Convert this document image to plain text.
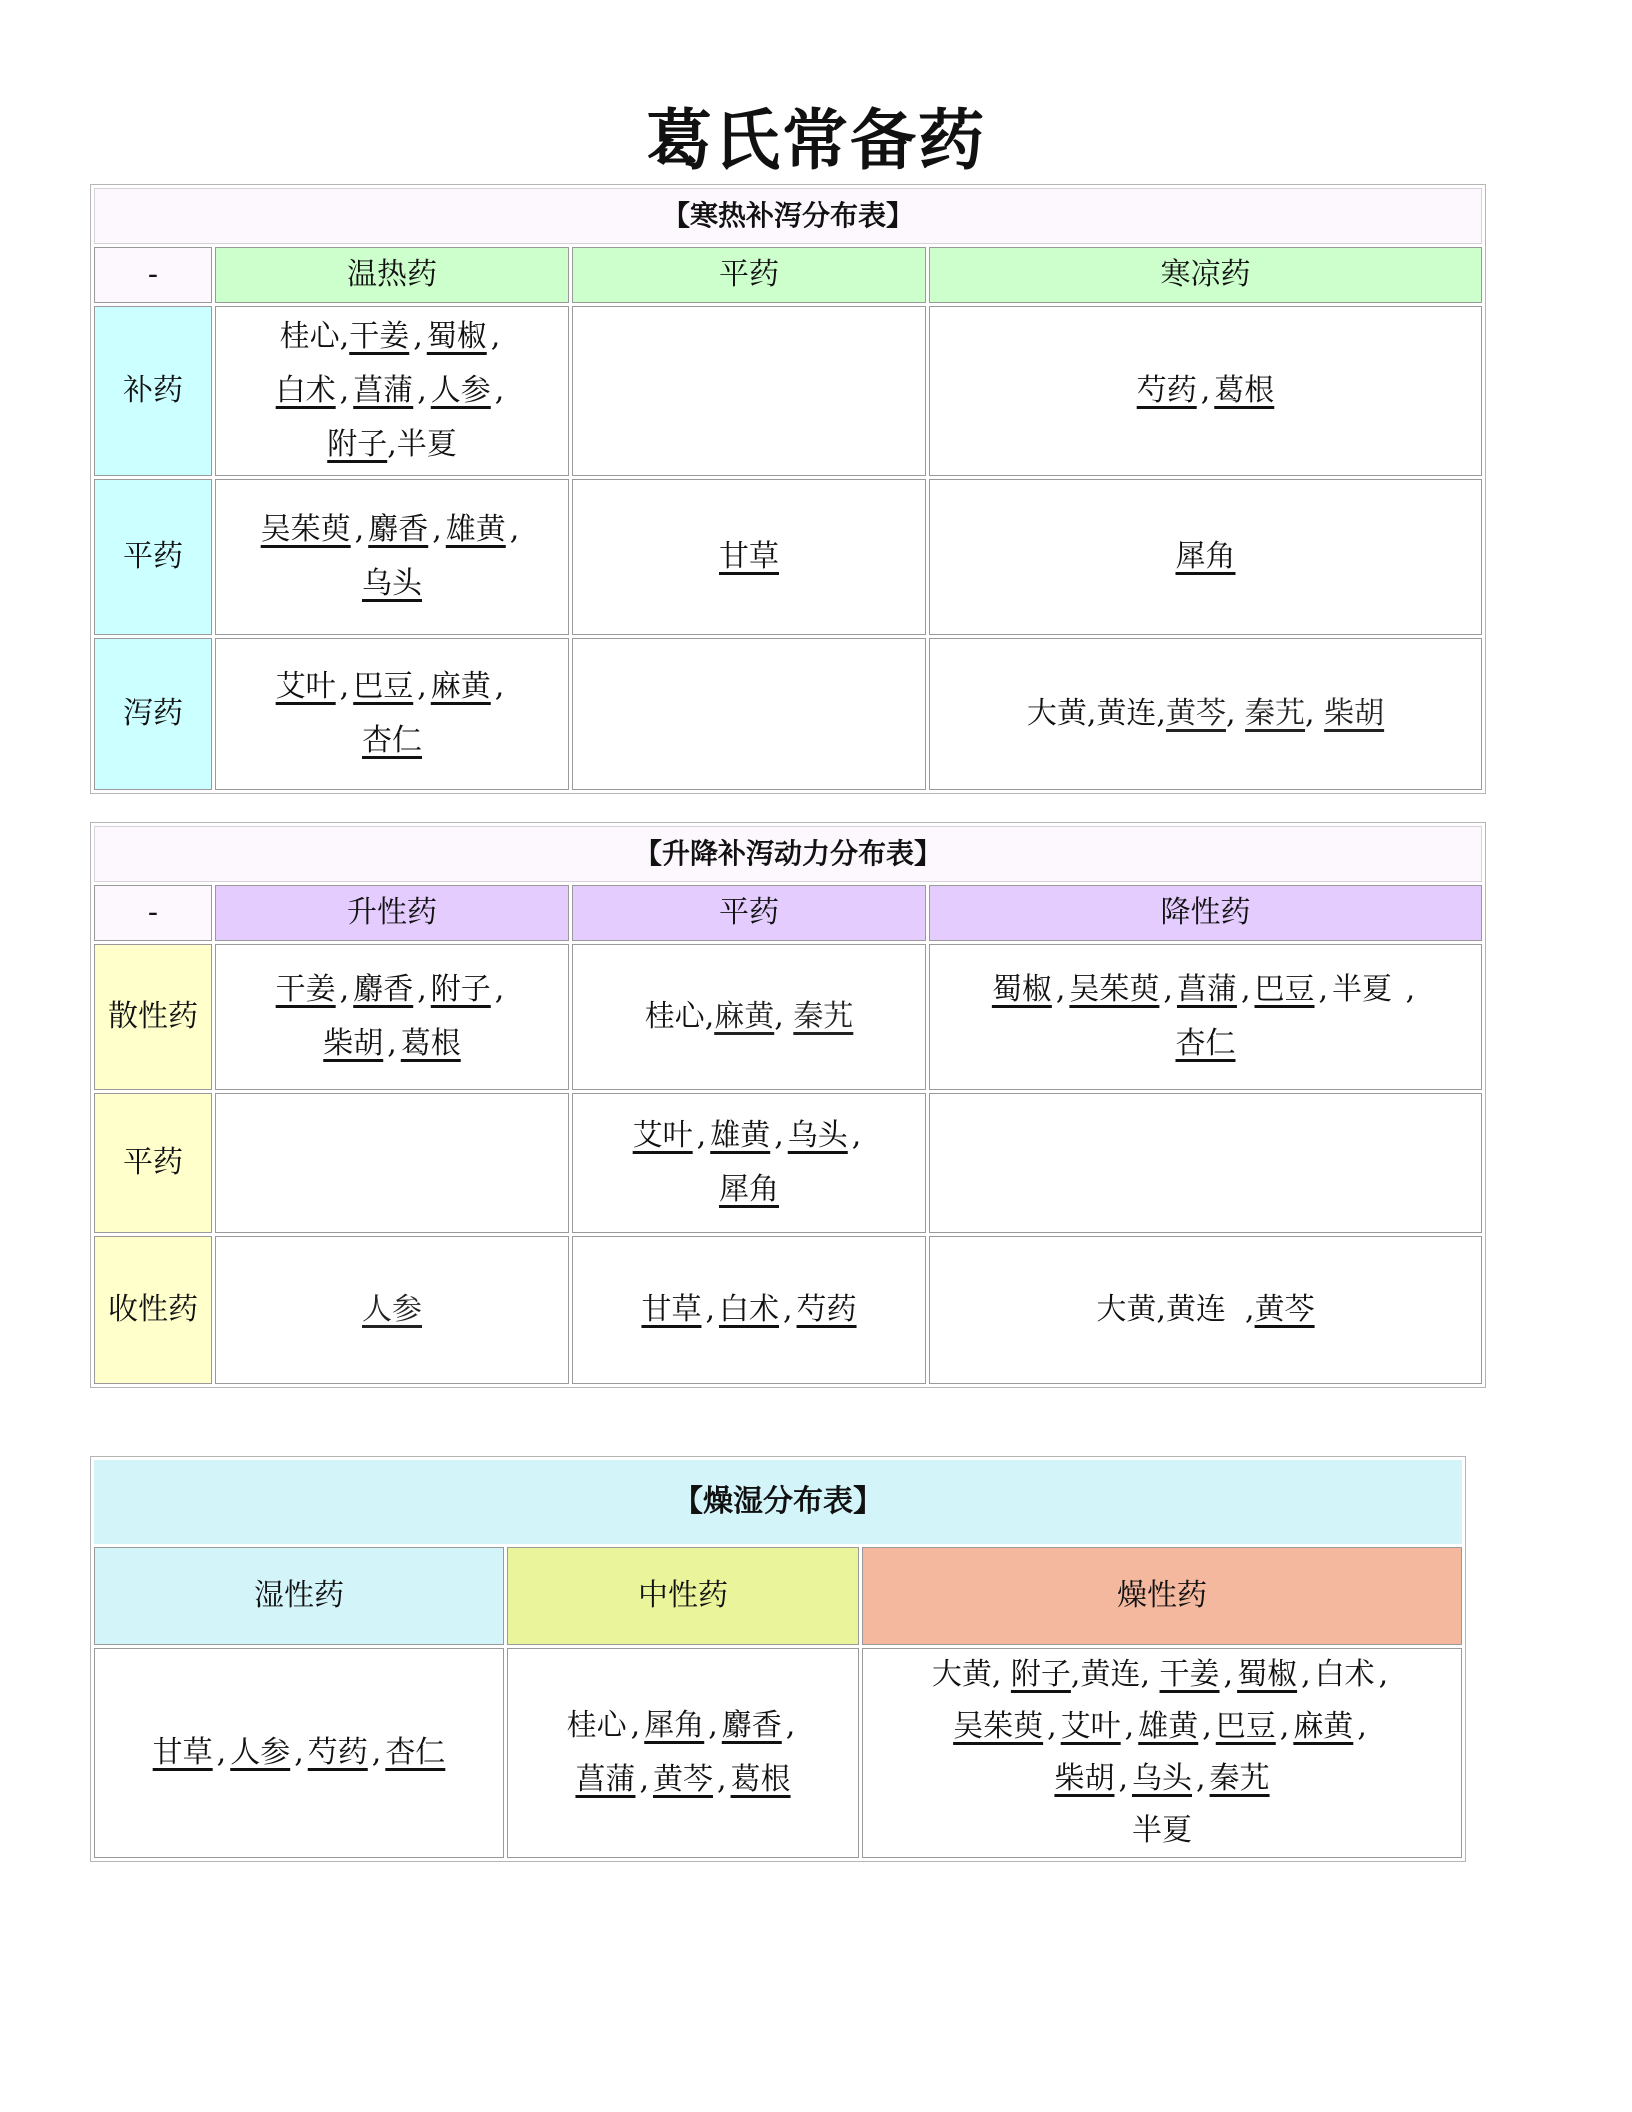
葛氏常备药
【寒热补泻分布表】			
-	温热药	平药	寒凉药
补药	桂心,干姜 , 蜀椒 ,
白术 , 菖蒲 , 人参 ,
附子,半夏		芍药 , 葛根
平药	吴茱萸 , 麝香 , 雄黄 ,
乌头	甘草	犀角
泻药	艾叶 , 巴豆 , 麻黄 ,
杏仁		大黄,黄连,黄芩, 秦艽, 柴胡
【升降补泻动力分布表】			
-	升性药	平药	降性药
散性药	干姜 , 麝香 , 附子 ,
柴胡 , 葛根	桂心,麻黄, 秦艽	蜀椒 , 吴茱萸 , 菖蒲 , 巴豆 , 半夏 ,
杏仁
平药		艾叶 , 雄黄 , 乌头 ,
犀角	
收性药	人参	甘草 , 白术 , 芍药	大黄,黄连  ,黄芩
【燥湿分布表】		
湿性药	中性药	燥性药
甘草 , 人参 , 芍药 , 杏仁	桂心 , 犀角 , 麝香 ,
菖蒲 , 黄芩 , 葛根	大黄, 附子,黄连, 干姜 , 蜀椒 , 白术 ,
吴茱萸 , 艾叶 , 雄黄 , 巴豆 , 麻黄 ,
柴胡 , 乌头 , 秦艽
半夏
